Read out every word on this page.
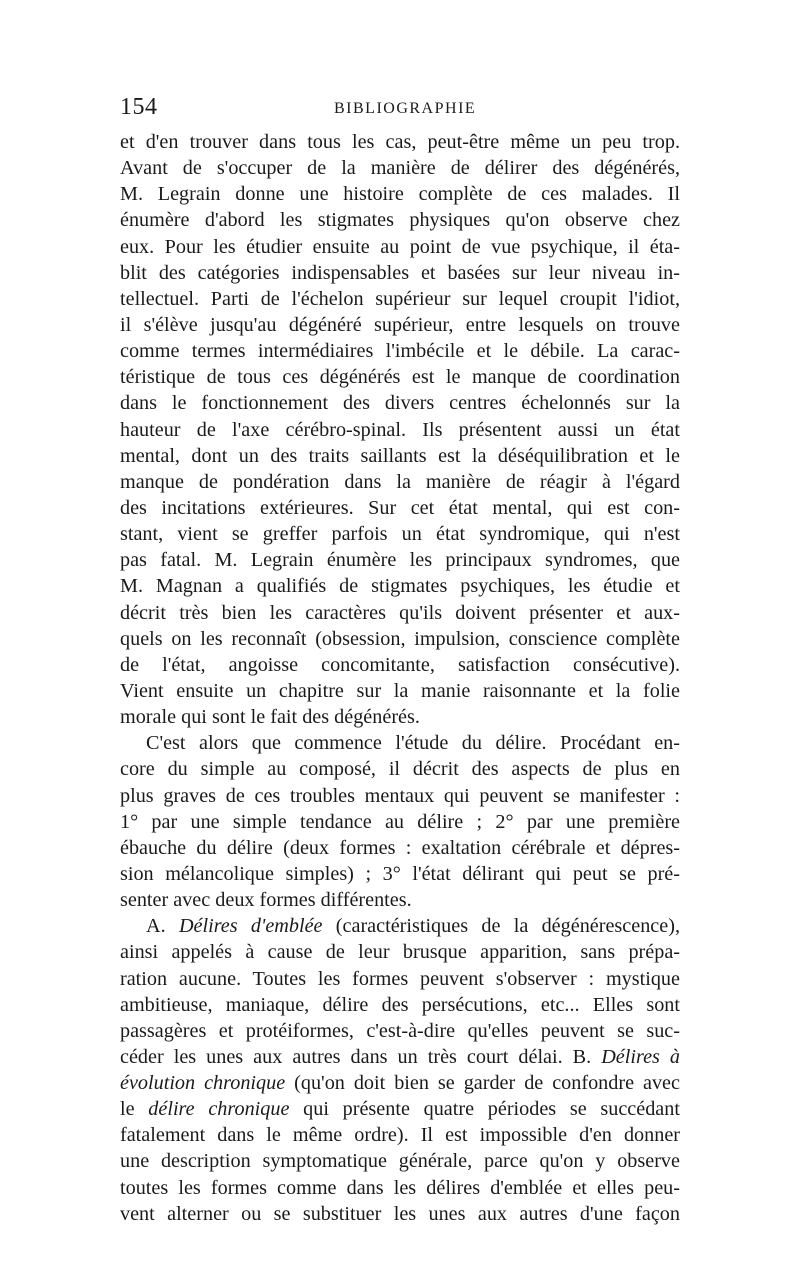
154	BIBLIOGRAPHIE
et d'en trouver dans tous les cas, peut-être même un peu trop.
Avant de s'occuper de la manière de délirer des dégénérés,
M. Legrain donne une histoire complète de ces malades. Il
énumère d'abord les stigmates physiques qu'on observe chez
eux. Pour les étudier ensuite au point de vue psychique, il éta-
blit des catégories indispensables et basées sur leur niveau in-
tellectuel. Parti de l'échelon supérieur sur lequel croupit l'idiot,
il s'élève jusqu'au dégénéré supérieur, entre lesquels on trouve
comme termes intermédiaires l'imbécile et le débile. La carac-
téristique de tous ces dégénérés est le manque de coordination
dans le fonctionnement des divers centres échelonnés sur la
hauteur de l'axe cérébro-spinal. Ils présentent aussi un état
mental, dont un des traits saillants est la déséquilibration et le
manque de pondération dans la manière de réagir à l'égard
des incitations extérieures. Sur cet état mental, qui est con-
stant, vient se greffer parfois un état syndromique, qui n'est
pas fatal. M. Legrain énumère les principaux syndromes, que
M. Magnan a qualifiés de stigmates psychiques, les étudie et
décrit très bien les caractères qu'ils doivent présenter et aux-
quels on les reconnaît (obsession, impulsion, conscience complète
de l'état, angoisse concomitante, satisfaction consécutive).
Vient ensuite un chapitre sur la manie raisonnante et la folie
morale qui sont le fait des dégénérés.
C'est alors que commence l'étude du délire. Procédant en-
core du simple au composé, il décrit des aspects de plus en
plus graves de ces troubles mentaux qui peuvent se manifester :
1° par une simple tendance au délire ; 2° par une première
ébauche du délire (deux formes : exaltation cérébrale et dépres-
sion mélancolique simples) ; 3° l'état délirant qui peut se pré-
senter avec deux formes différentes.
A. Délires d'emblée (caractéristiques de la dégénérescence),
ainsi appelés à cause de leur brusque apparition, sans prépa-
ration aucune. Toutes les formes peuvent s'observer : mystique
ambitieuse, maniaque, délire des persécutions, etc... Elles sont
passagères et protéiformes, c'est-à-dire qu'elles peuvent se suc-
céder les unes aux autres dans un très court délai. B. Délires à
évolution chronique (qu'on doit bien se garder de confondre avec
le délire chronique qui présente quatre périodes se succédant
fatalement dans le même ordre). Il est impossible d'en donner
une description symptomatique générale, parce qu'on y observe
toutes les formes comme dans les délires d'emblée et elles peu-
vent alterner ou se substituer les unes aux autres d'une façon
